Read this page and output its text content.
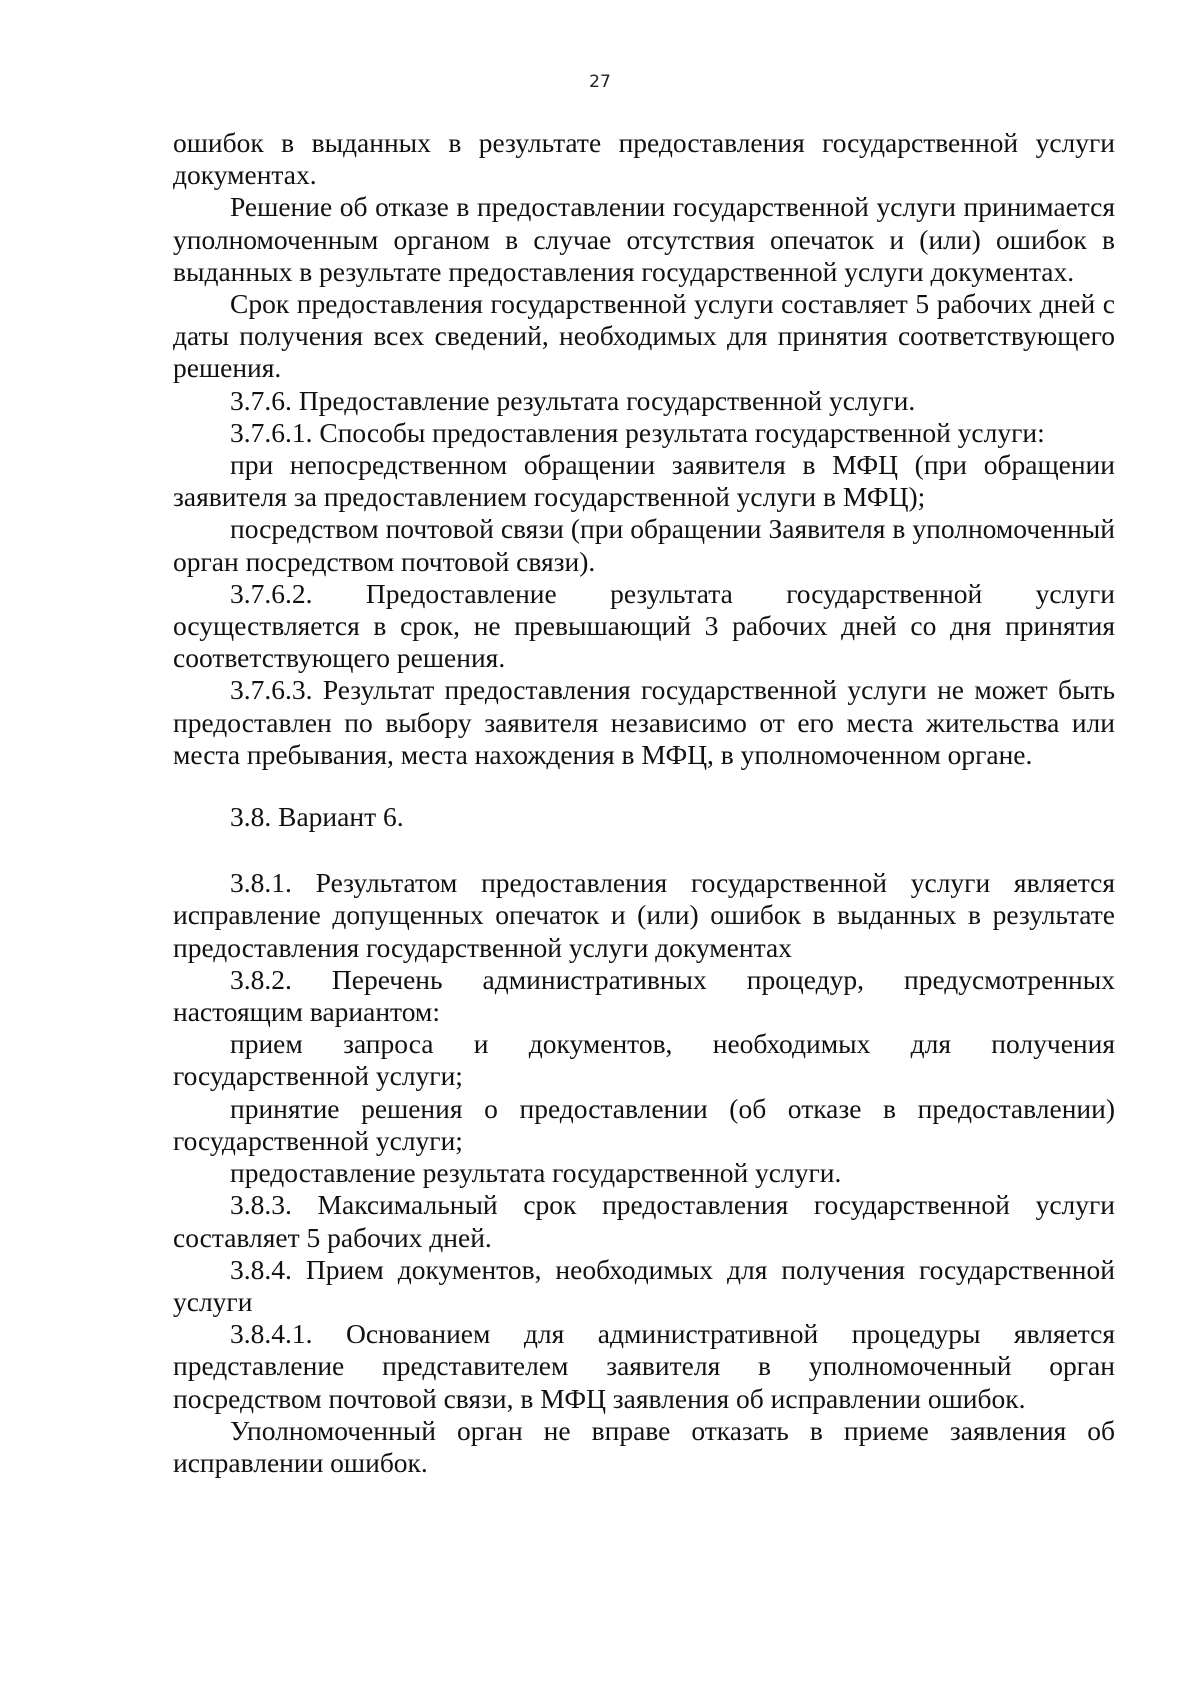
27

ошибок в выданных в результате предоставления государственной услуги документах.

Решение об отказе в предоставлении государственной услуги принимается уполномоченным органом в случае отсутствия опечаток и (или) ошибок в выданных в результате предоставления государственной услуги документах.

Срок предоставления государственной услуги составляет 5 рабочих дней с даты получения всех сведений, необходимых для принятия соответствующего решения.

3.7.6. Предоставление результата государственной услуги.

3.7.6.1. Способы предоставления результата государственной услуги:

при непосредственном обращении заявителя в МФЦ (при обращении заявителя за предоставлением государственной услуги в МФЦ);

посредством почтовой связи (при обращении Заявителя в уполномоченный орган посредством почтовой связи).

3.7.6.2. Предоставление результата государственной услуги осуществляется в срок, не превышающий 3 рабочих дней со дня принятия соответствующего решения.

3.7.6.3. Результат предоставления государственной услуги не может быть предоставлен по выбору заявителя независимо от его места жительства или места пребывания, места нахождения в МФЦ, в уполномоченном органе.

3.8. Вариант 6.

3.8.1. Результатом предоставления государственной услуги является исправление допущенных опечаток и (или) ошибок в выданных в результате предоставления государственной услуги документах

3.8.2. Перечень административных процедур, предусмотренных настоящим вариантом:

прием запроса и документов, необходимых для получения государственной услуги;

принятие решения о предоставлении (об отказе в предоставлении) государственной услуги;

предоставление результата государственной услуги.

3.8.3. Максимальный срок предоставления государственной услуги составляет 5 рабочих дней.

3.8.4. Прием документов, необходимых для получения государственной услуги

3.8.4.1. Основанием для административной процедуры является представление представителем заявителя в уполномоченный орган посредством почтовой связи, в МФЦ заявления об исправлении ошибок.

Уполномоченный орган не вправе отказать в приеме заявления об исправлении ошибок.
